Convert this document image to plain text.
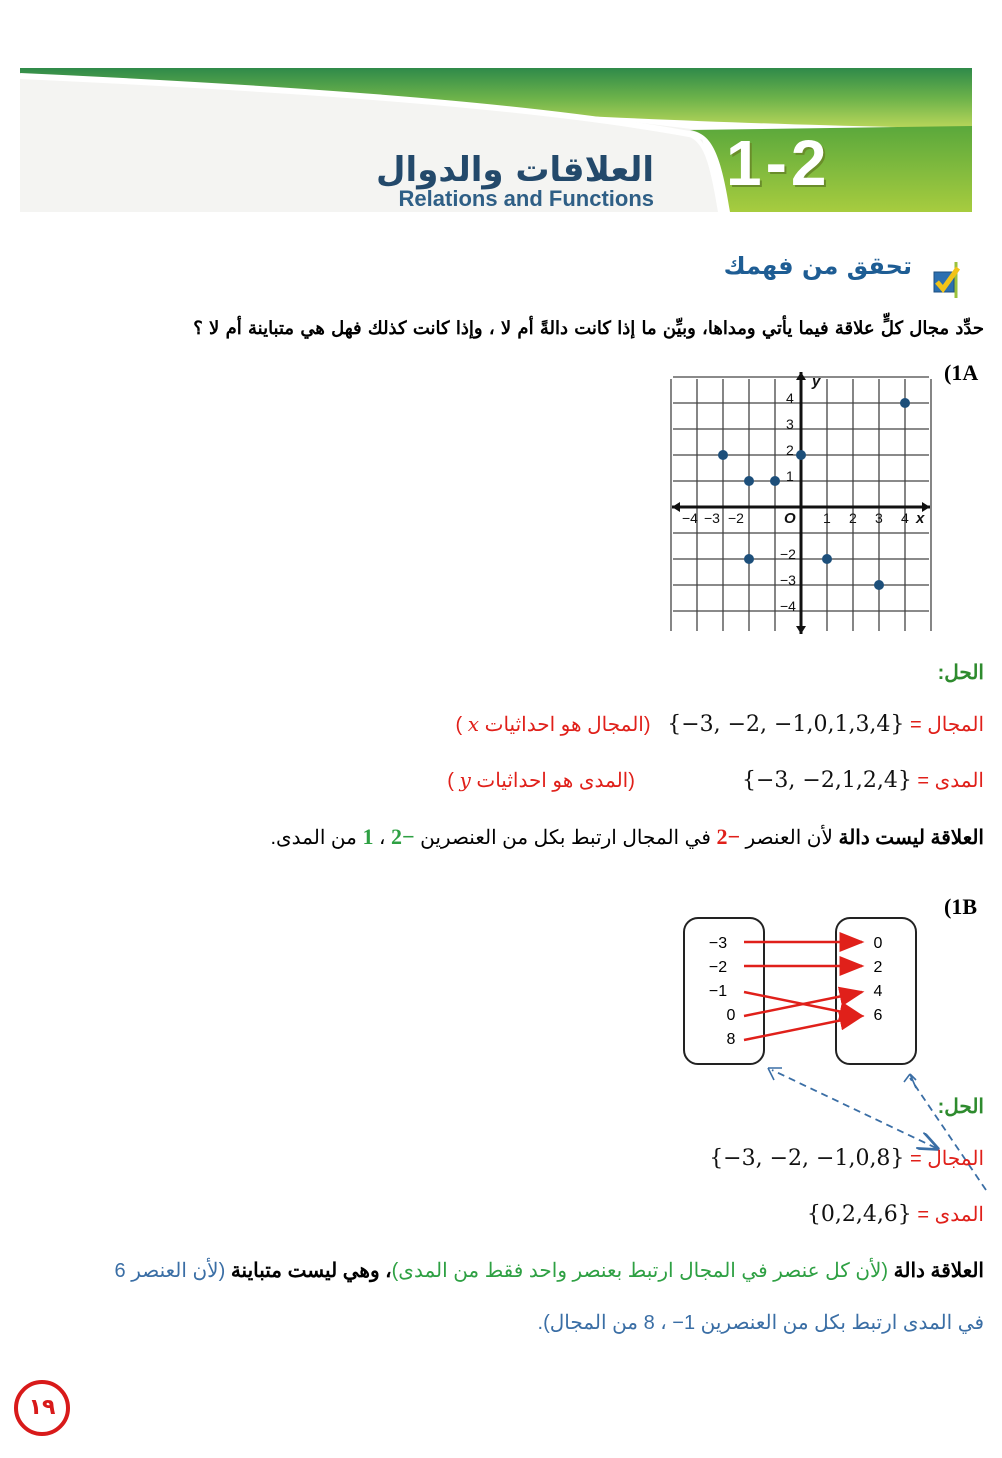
العلاقات والدوال
Relations and Functions 1-2
تحقق من فهمك
حدِّد مجال كلٍّ علاقة فيما يأتي ومداها، وبيِّن ما إذا كانت دالةً أم لا ، وإذا كانت كذلك فهل هي متباينة أم لا ؟
(1A
−4 −3 −2	O 1 2 3 4 x
y
4
3
2
1
−2
−3
−4
الحل:
المجال = {−3, −2, −1,0,1,3,4}   (المجال هو احداثيات x )
المدى = {−3, −2,1,2,4}  (المدى هو احداثيات y )
العلاقة ليست دالة لأن العنصر −2 في المجال ارتبط بكل من العنصرين −2 ، 1 من المدى.
(1B
−3
−2
−1
0
8
0
2
4
6
الحل:
المجال = {−3, −2, −1,0,8}
المدى = {0,2,4,6}
العلاقة دالة (لأن كل عنصر في المجال ارتبط بعنصر واحد فقط من المدى)، وهي ليست متباينة (لأن العنصر 6
في المدى ارتبط بكل من العنصرين 1− ، 8 من المجال).
١٩
